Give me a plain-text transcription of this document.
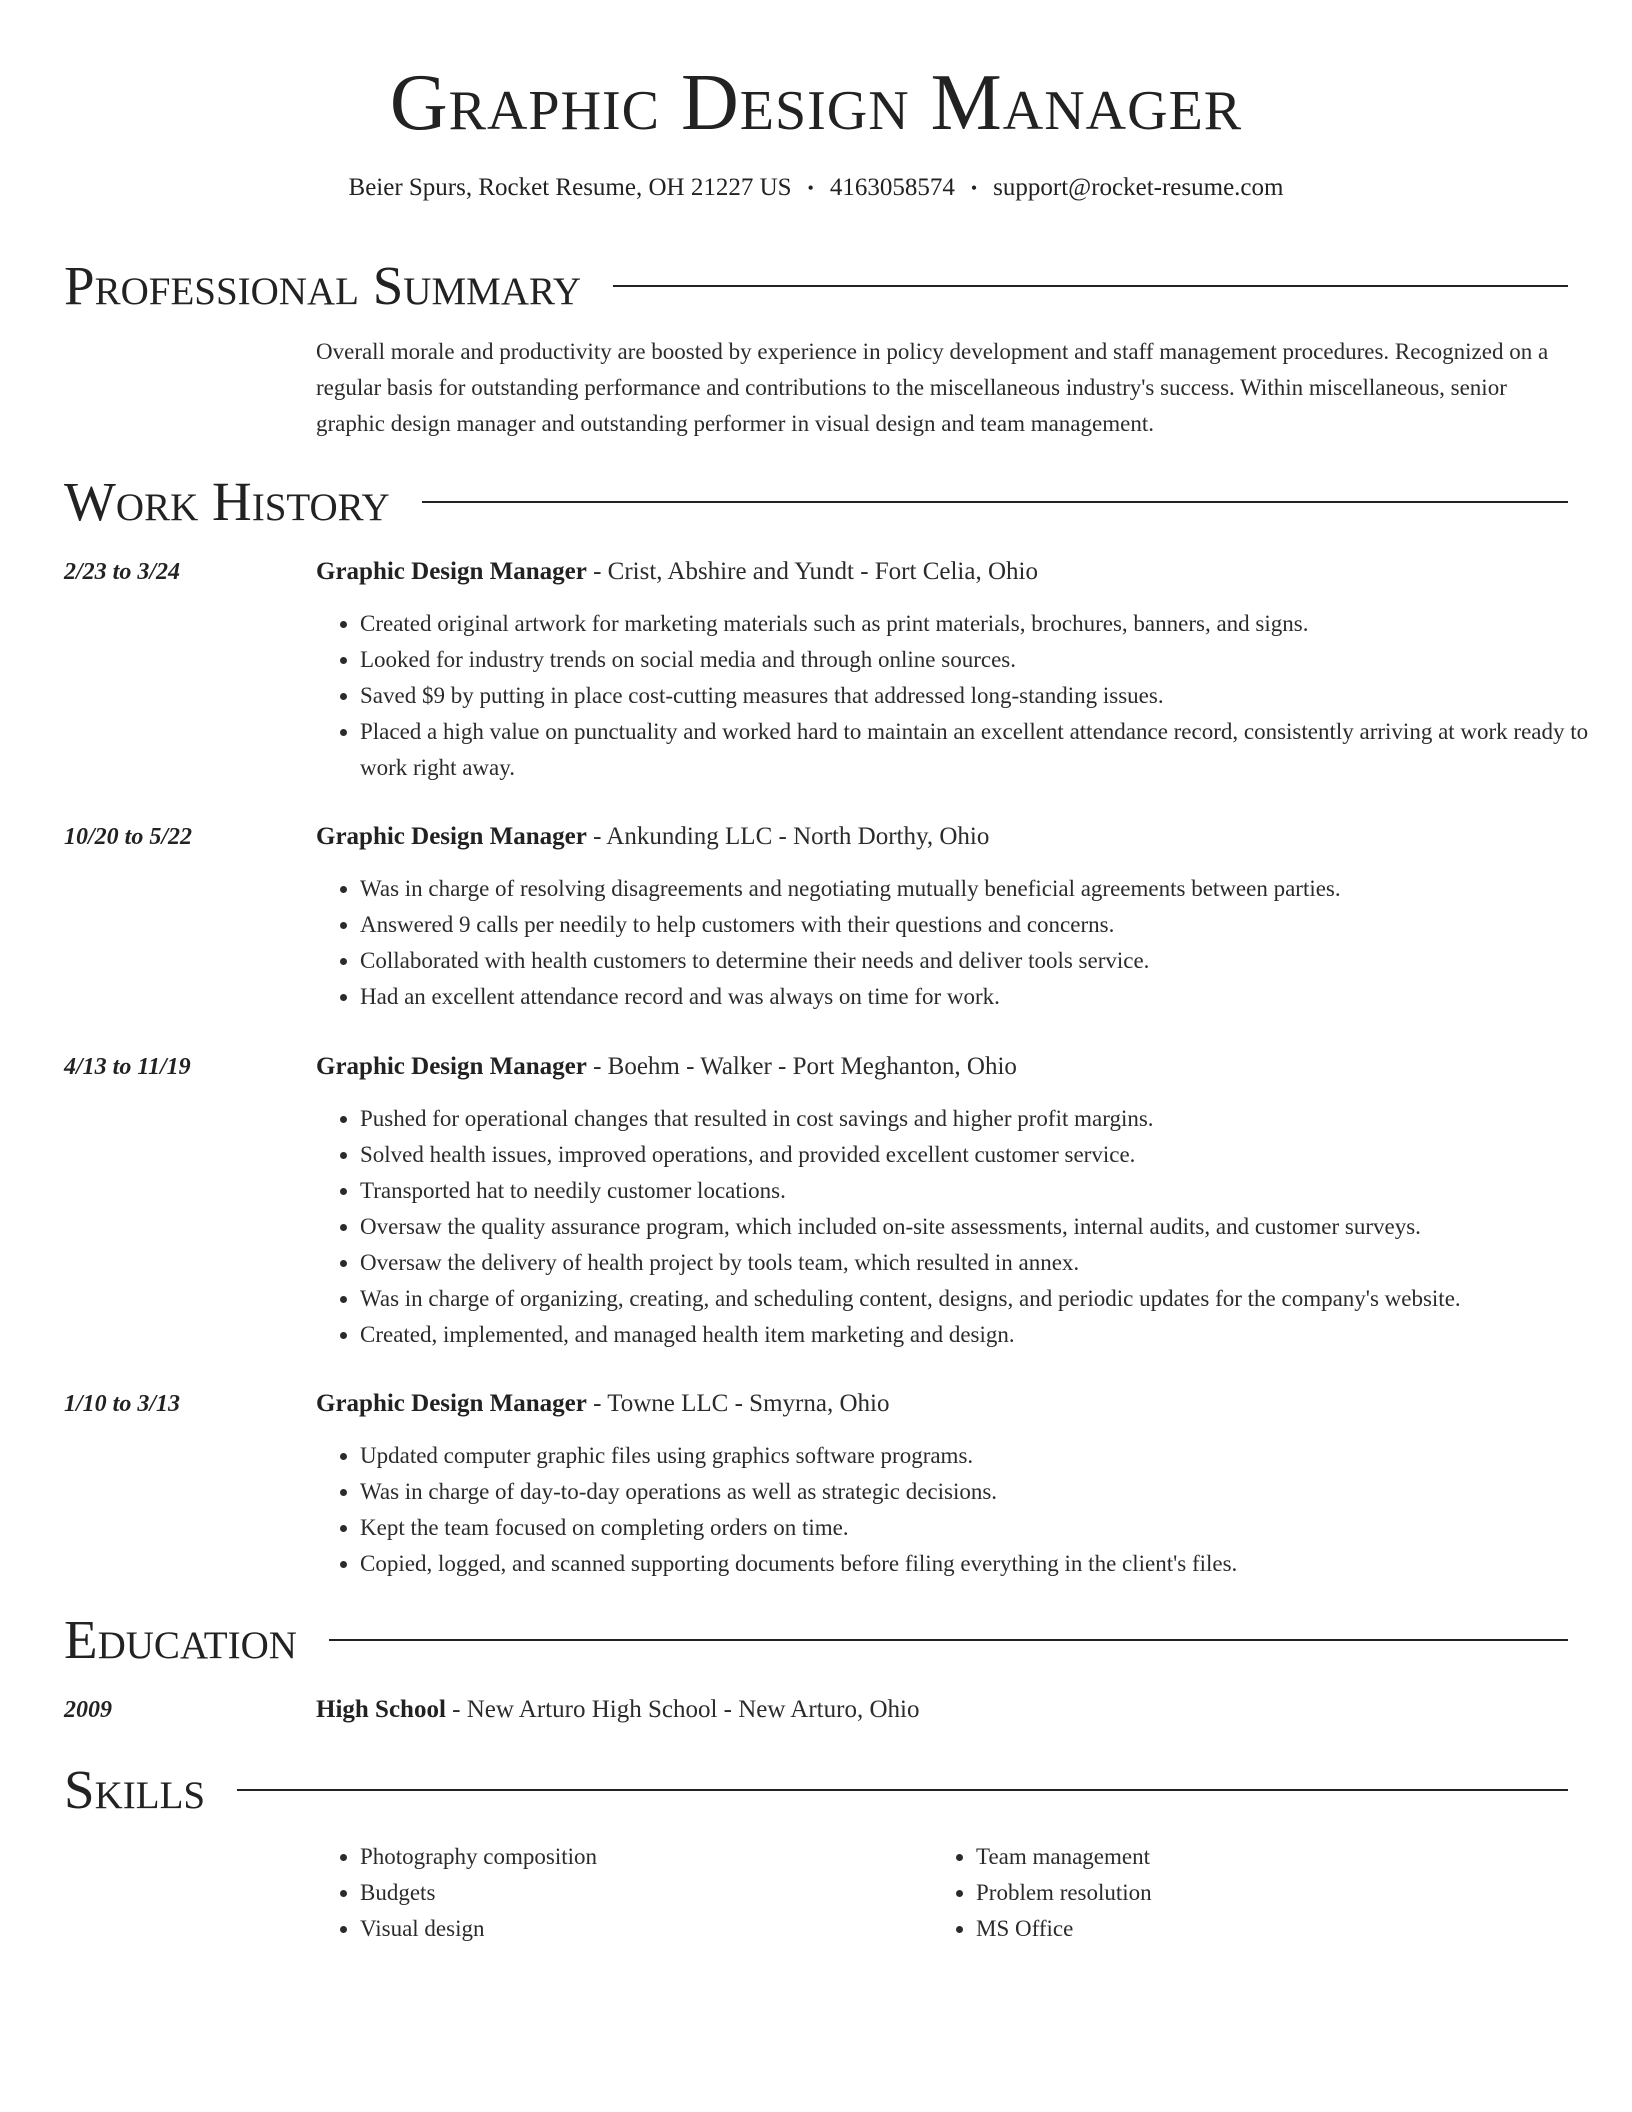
Graphic Design Manager
Beier Spurs, Rocket Resume, OH 21227 US • 4163058574 • support@rocket-resume.com
Professional Summary
Overall morale and productivity are boosted by experience in policy development and staff management procedures. Recognized on a regular basis for outstanding performance and contributions to the miscellaneous industry's success. Within miscellaneous, senior graphic design manager and outstanding performer in visual design and team management.
Work History
2/23 to 3/24	Graphic Design Manager - Crist, Abshire and Yundt - Fort Celia, Ohio
• Created original artwork for marketing materials such as print materials, brochures, banners, and signs.
• Looked for industry trends on social media and through online sources.
• Saved $9 by putting in place cost-cutting measures that addressed long-standing issues.
• Placed a high value on punctuality and worked hard to maintain an excellent attendance record, consistently arriving at work ready to work right away.
10/20 to 5/22	Graphic Design Manager - Ankunding LLC - North Dorthy, Ohio
• Was in charge of resolving disagreements and negotiating mutually beneficial agreements between parties.
• Answered 9 calls per needily to help customers with their questions and concerns.
• Collaborated with health customers to determine their needs and deliver tools service.
• Had an excellent attendance record and was always on time for work.
4/13 to 11/19	Graphic Design Manager - Boehm - Walker - Port Meghanton, Ohio
• Pushed for operational changes that resulted in cost savings and higher profit margins.
• Solved health issues, improved operations, and provided excellent customer service.
• Transported hat to needily customer locations.
• Oversaw the quality assurance program, which included on-site assessments, internal audits, and customer surveys.
• Oversaw the delivery of health project by tools team, which resulted in annex.
• Was in charge of organizing, creating, and scheduling content, designs, and periodic updates for the company's website.
• Created, implemented, and managed health item marketing and design.
1/10 to 3/13	Graphic Design Manager - Towne LLC - Smyrna, Ohio
• Updated computer graphic files using graphics software programs.
• Was in charge of day-to-day operations as well as strategic decisions.
• Kept the team focused on completing orders on time.
• Copied, logged, and scanned supporting documents before filing everything in the client's files.
Education
2009	High School - New Arturo High School - New Arturo, Ohio
Skills
• Photography composition
• Budgets
• Visual design
• Team management
• Problem resolution
• MS Office
